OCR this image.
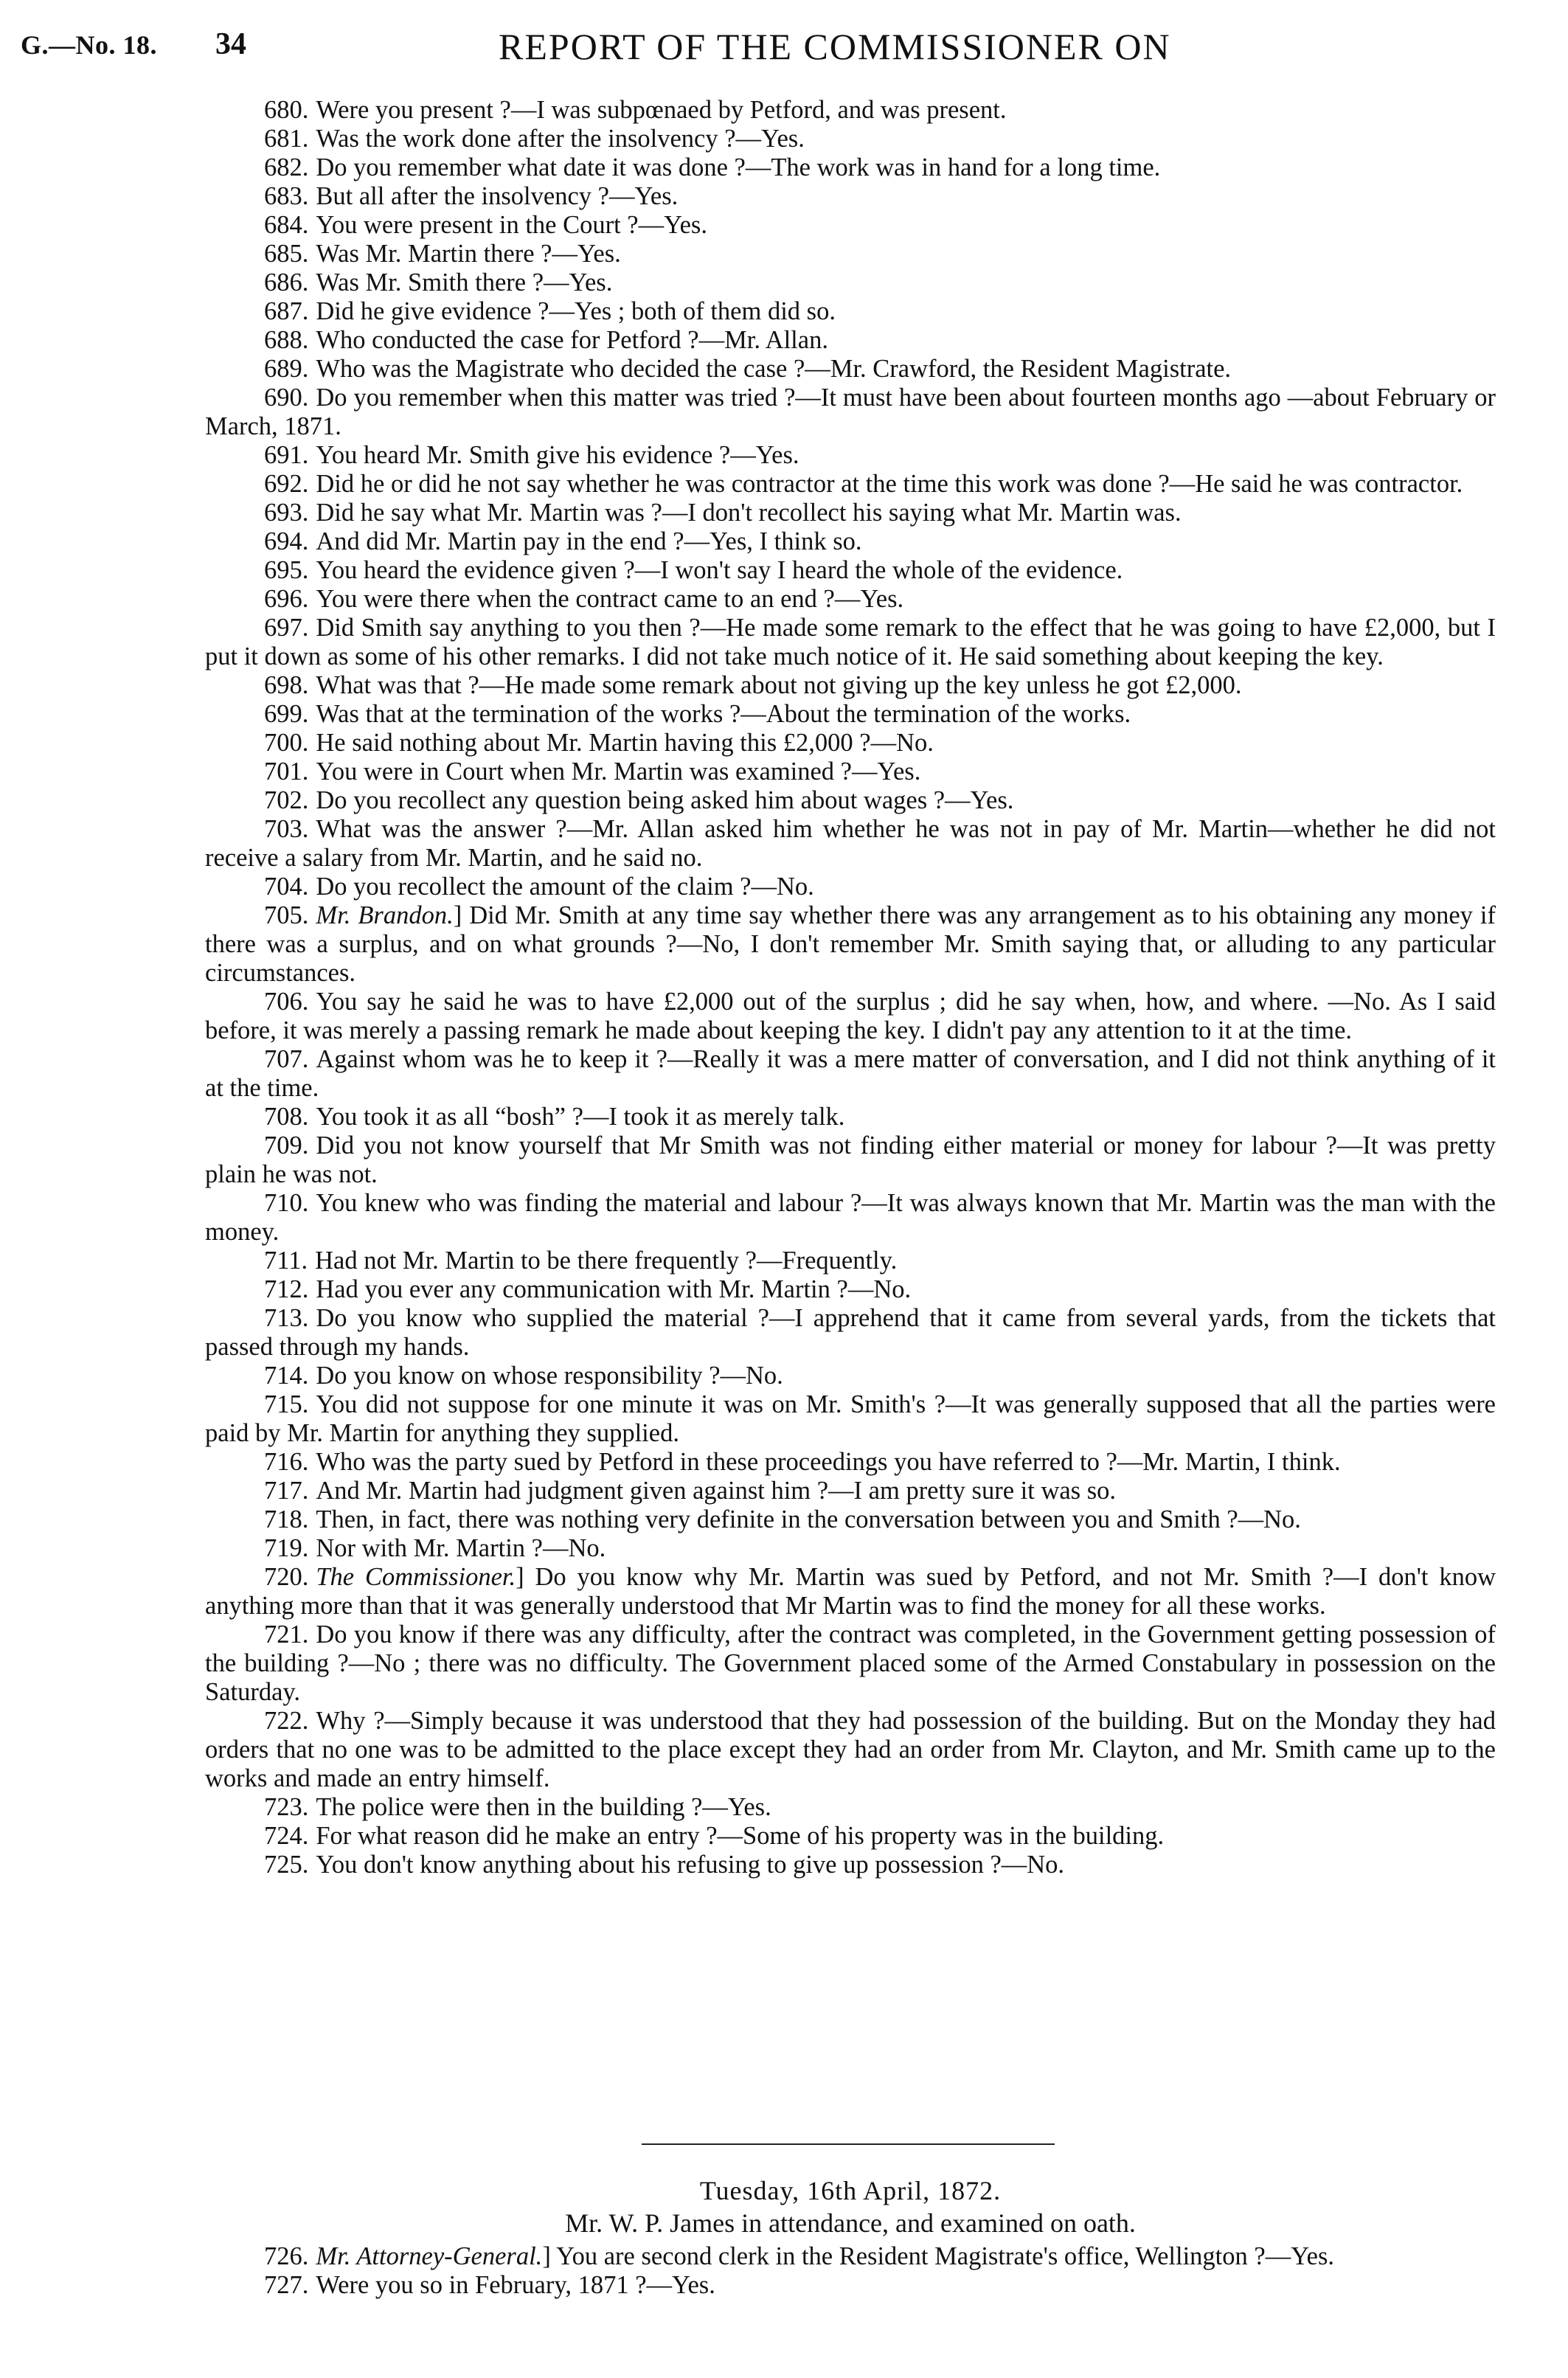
G.—No. 18. 34	REPORT OF THE COMMISSIONER ON

680. Were you present ?—I was subpœnaed by Petford, and was present.

681. Was the work done after the insolvency ?—Yes.

682. Do you remember what date it was done ?—The work was in hand for a long time.

683. But all after the insolvency ?—Yes.

684. You were present in the Court ?—Yes.

685. Was Mr. Martin there ?—Yes.

686. Was Mr. Smith there ?—Yes.

687. Did he give evidence ?—Yes ; both of them did so.

688. Who conducted the case for Petford ?—Mr. Allan.

689. Who was the Magistrate who decided the case ?—Mr. Crawford, the Resident Magistrate.

690. Do you remember when this matter was tried ?—It must have been about fourteen months ago —about February or March, 1871.

691. You heard Mr. Smith give his evidence ?—Yes.

692. Did he or did he not say whether he was contractor at the time this work was done ?—He said he was contractor.

693. Did he say what Mr. Martin was ?—I don't recollect his saying what Mr. Martin was.

694. And did Mr. Martin pay in the end ?—Yes, I think so.

695. You heard the evidence given ?—I won't say I heard the whole of the evidence.

696. You were there when the contract came to an end ?—Yes.

697. Did Smith say anything to you then ?—He made some remark to the effect that he was going to have £2,000, but I put it down as some of his other remarks. I did not take much notice of it. He said something about keeping the key.

698. What was that ?—He made some remark about not giving up the key unless he got £2,000.

699. Was that at the termination of the works ?—About the termination of the works.

700. He said nothing about Mr. Martin having this £2,000 ?—No.

701. You were in Court when Mr. Martin was examined ?—Yes.

702. Do you recollect any question being asked him about wages ?—Yes.

703. What was the answer ?—Mr. Allan asked him whether he was not in pay of Mr. Martin—whether he did not receive a salary from Mr. Martin, and he said no.

704. Do you recollect the amount of the claim ?—No.

705. Mr. Brandon.] Did Mr. Smith at any time say whether there was any arrangement as to his obtaining any money if there was a surplus, and on what grounds ?—No, I don't remember Mr. Smith saying that, or alluding to any particular circumstances.

706. You say he said he was to have £2,000 out of the surplus ; did he say when, how, and where. —No. As I said before, it was merely a passing remark he made about keeping the key. I didn't pay any attention to it at the time.

707. Against whom was he to keep it ?—Really it was a mere matter of conversation, and I did not think anything of it at the time.

708. You took it as all “bosh” ?—I took it as merely talk.

709. Did you not know yourself that Mr Smith was not finding either material or money for labour ?—It was pretty plain he was not.

710. You knew who was finding the material and labour ?—It was always known that Mr. Martin was the man with the money.

711. Had not Mr. Martin to be there frequently ?—Frequently.

712. Had you ever any communication with Mr. Martin ?—No.

713. Do you know who supplied the material ?—I apprehend that it came from several yards, from the tickets that passed through my hands.

714. Do you know on whose responsibility ?—No.

715. You did not suppose for one minute it was on Mr. Smith's ?—It was generally supposed that all the parties were paid by Mr. Martin for anything they supplied.

716. Who was the party sued by Petford in these proceedings you have referred to ?—Mr. Martin, I think.

717. And Mr. Martin had judgment given against him ?—I am pretty sure it was so.

718. Then, in fact, there was nothing very definite in the conversation between you and Smith ?—No.

719. Nor with Mr. Martin ?—No.

720. The Commissioner.] Do you know why Mr. Martin was sued by Petford, and not Mr. Smith ?—I don't know anything more than that it was generally understood that Mr Martin was to find the money for all these works.

721. Do you know if there was any difficulty, after the contract was completed, in the Government getting possession of the building ?—No ; there was no difficulty. The Government placed some of the Armed Constabulary in possession on the Saturday.

722. Why ?—Simply because it was understood that they had possession of the building. But on the Monday they had orders that no one was to be admitted to the place except they had an order from Mr. Clayton, and Mr. Smith came up to the works and made an entry himself.

723. The police were then in the building ?—Yes.

724. For what reason did he make an entry ?—Some of his property was in the building.

725. You don't know anything about his refusing to give up possession ?—No.

Tuesday, 16th April, 1872.
Mr. W. P. James in attendance, and examined on oath.

726. Mr. Attorney-General.] You are second clerk in the Resident Magistrate's office, Wellington ?—Yes.

727. Were you so in February, 1871 ?—Yes.
